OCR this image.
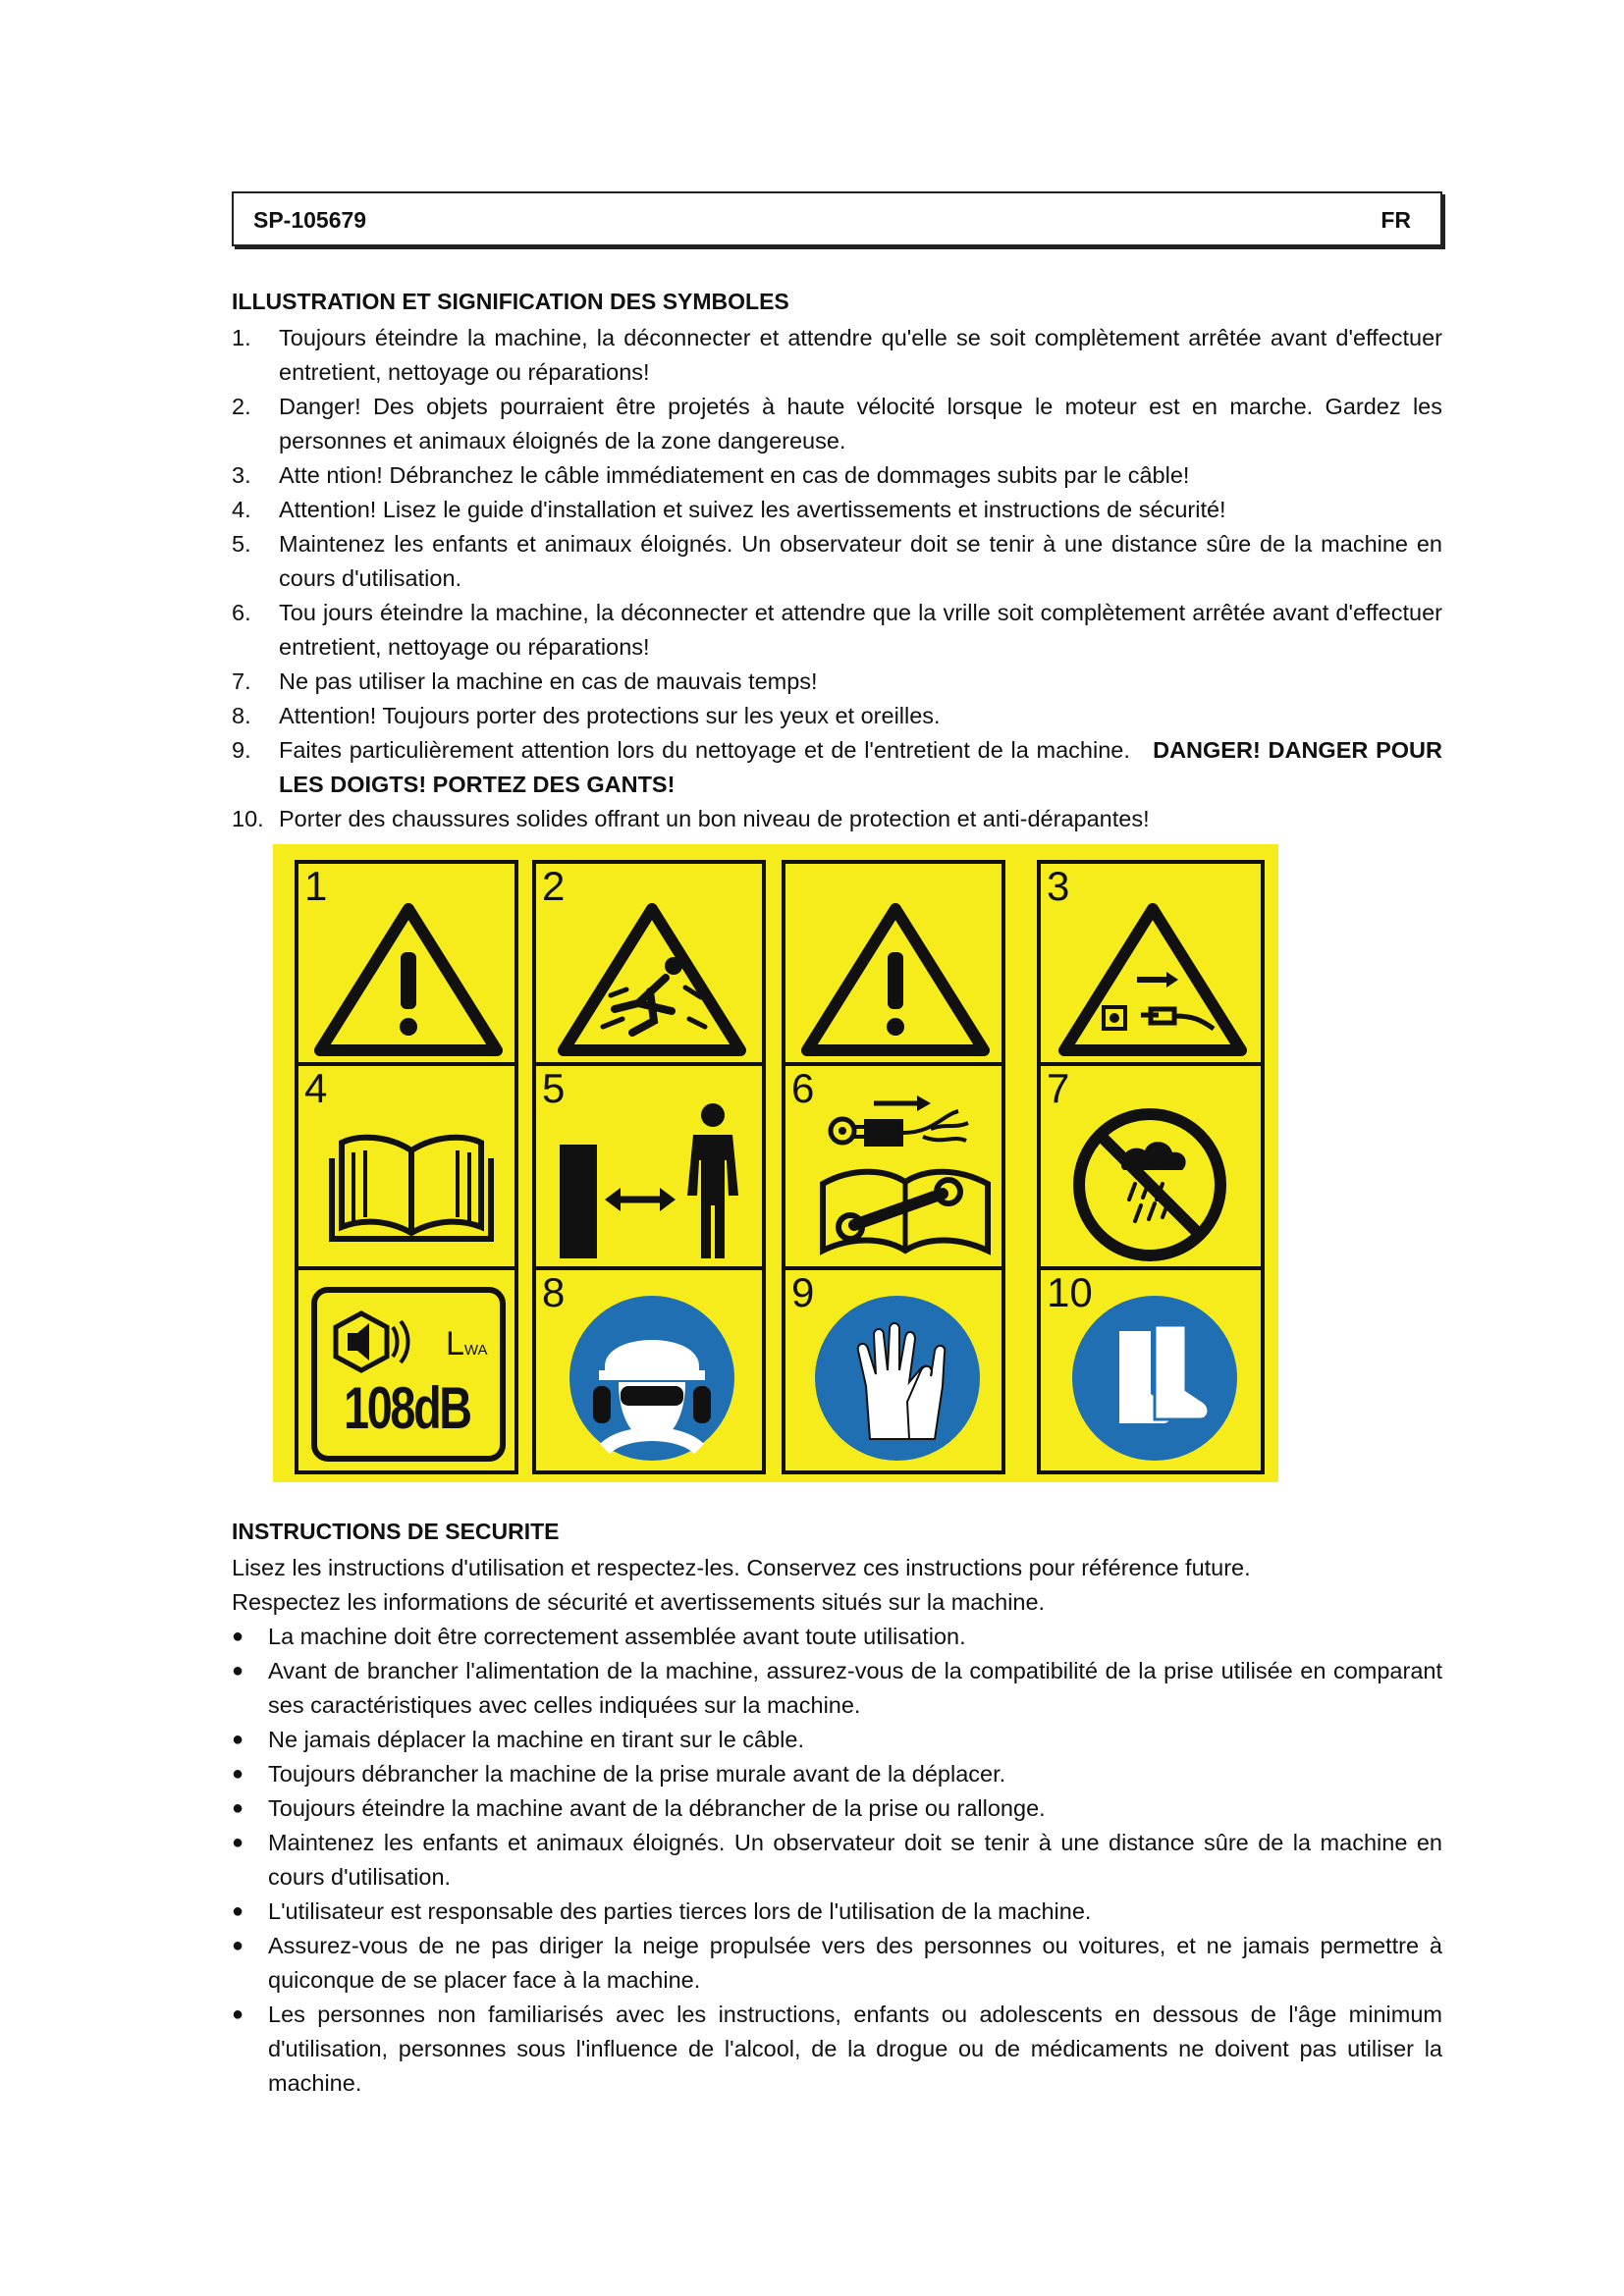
SP-105679	FR
ILLUSTRATION ET SIGNIFICATION DES SYMBOLES
1. Toujours éteindre la machine, la déconnecter et attendre qu'elle se soit complètement arrêtée avant d'effectuer entretient, nettoyage ou réparations!
2. Danger! Des objets pourraient être projetés à haute vélocité lorsque le moteur est en marche. Gardez les personnes et animaux éloignés de la zone dangereuse.
3. Atte ntion! Débranchez le câble immédiatement en cas de dommages subits par le câble!
4. Attention! Lisez le guide d'installation et suivez les avertissements et instructions de sécurité!
5. Maintenez les enfants et animaux éloignés. Un observateur doit se tenir à une distance sûre de la machine en cours d'utilisation.
6. Tou jours éteindre la machine, la déconnecter et attendre que la vrille soit complètement arrêtée avant d'effectuer entretient, nettoyage ou réparations!
7. Ne pas utiliser la machine en cas de mauvais temps!
8. Attention! Toujours porter des protections sur les yeux et oreilles.
9. Faites particulièrement attention lors du nettoyage et de l'entretient de la machine. DANGER! DANGER POUR LES DOIGTS! PORTEZ DES GANTS!
10. Porter des chaussures solides offrant un bon niveau de protection et anti-dérapantes!
1	2	3
4	5	6	7
LWA
108dB
8	9	10
INSTRUCTIONS DE SECURITE

Lisez les instructions d'utilisation et respectez-les. Conservez ces instructions pour référence future.

Respectez les informations de sécurité et avertissements situés sur la machine.

● La machine doit être correctement assemblée avant toute utilisation.
● Avant de brancher l'alimentation de la machine, assurez-vous de la compatibilité de la prise utilisée en comparant ses caractéristiques avec celles indiquées sur la machine.
● Ne jamais déplacer la machine en tirant sur le câble.
● Toujours débrancher la machine de la prise murale avant de la déplacer.
● Toujours éteindre la machine avant de la débrancher de la prise ou rallonge.
● Maintenez les enfants et animaux éloignés. Un observateur doit se tenir à une distance sûre de la machine en cours d'utilisation.
● L'utilisateur est responsable des parties tierces lors de l'utilisation de la machine.
● Assurez-vous de ne pas diriger la neige propulsée vers des personnes ou voitures, et ne jamais permettre à quiconque de se placer face à la machine.
● Les personnes non familiarisés avec les instructions, enfants ou adolescents en dessous de l'âge minimum d'utilisation, personnes sous l'influence de l'alcool, de la drogue ou de médicaments ne doivent pas utiliser la machine.
